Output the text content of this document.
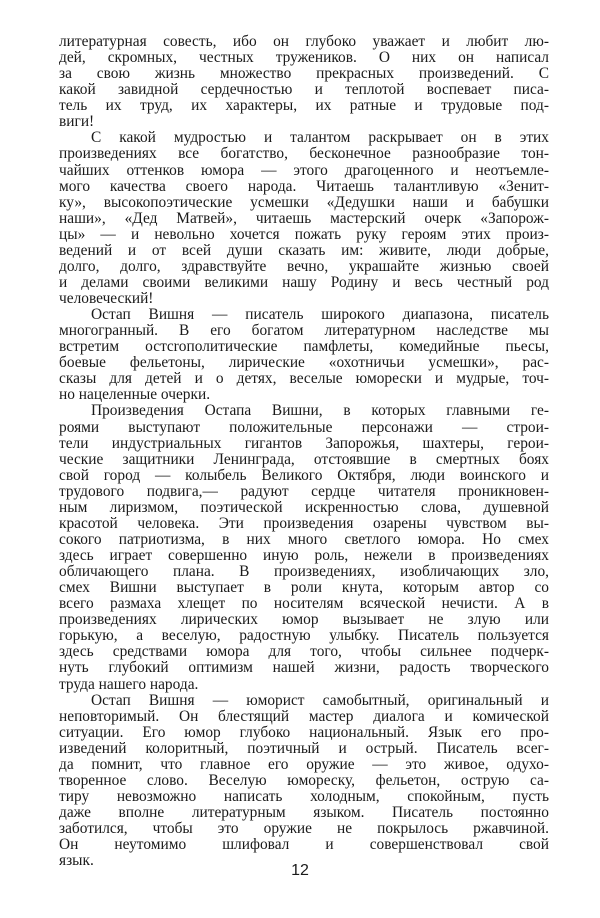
литературная совесть, ибо он глубоко уважает и любит лю-
дей, скромных, честных тружеников. О них он написал
за свою жизнь множество прекрасных произведений. С
какой завидной сердечностью и теплотой воспевает писа-
тель их труд, их характеры, их ратные и трудовые под-
виги!
С какой мудростью и талантом раскрывает он в этих
произведениях все богатство, бесконечное разнообразие тон-
чайших оттенков юмора — этого драгоценного и неотъемле-
мого качества своего народа. Читаешь талантливую «Зенит-
ку», высокопоэтические усмешки «Дедушки наши и бабушки
наши», «Дед Матвей», читаешь мастерский очерк «Запорож-
цы» — и невольно хочется пожать руку героям этих произ-
ведений и от всей души сказать им: живите, люди добрые,
долго, долго, здравствуйте вечно, украшайте жизнью своей
и делами своими великими нашу Родину и весь честный род
человеческий!
Остап Вишня — писатель широкого диапазона, писатель
многогранный. В его богатом литературном наследстве мы
встретим остcroполитические памфлеты, комедийные пьесы,
боевые фельетоны, лирические «охотничьи усмешки», рас-
сказы для детей и о детях, веселые юморески и мудрые, точ-
но нацеленные очерки.
Произведения Остапа Вишни, в которых главными ге-
роями выступают положительные персонажи — строи-
тели индустриальных гигантов Запорожья, шахтеры, герои-
ческие защитники Ленинграда, отстоявшие в смертных боях
свой город — колыбель Великого Октября, люди воинского и
трудового подвига,— радуют сердце читателя проникновен-
ным лиризмом, поэтической искренностью слова, душевной
красотой человека. Эти произведения озарены чувством вы-
сокого патриотизма, в них много светлого юмора. Но смех
здесь играет совершенно иную роль, нежели в произведениях
обличающего плана. В произведениях, изобличающих зло,
смех Вишни выступает в роли кнута, которым автор со
всего размаха хлещет по носителям всяческой нечисти. А в
произведениях лирических юмор вызывает не злую или
горькую, а веселую, радостную улыбку. Писатель пользуется
здесь средствами юмора для того, чтобы сильнее подчерк-
нуть глубокий оптимизм нашей жизни, радость творческого
труда нашего народа.
Остап Вишня — юморист самобытный, оригинальный и
неповторимый. Он блестящий мастер диалога и комической
ситуации. Его юмор глубоко национальный. Язык его про-
изведений колоритный, поэтичный и острый. Писатель всег-
да помнит, что главное его оружие — это живое, одухо-
творенное слово. Веселую юмореску, фельетон, острую са-
тиру невозможно написать холодным, спокойным, пусть
даже вполне литературным языком. Писатель постоянно
заботился, чтобы это оружие не покрылось ржавчиной.
Он неутомимо шлифовал и совершенствовал свой
язык.
12
